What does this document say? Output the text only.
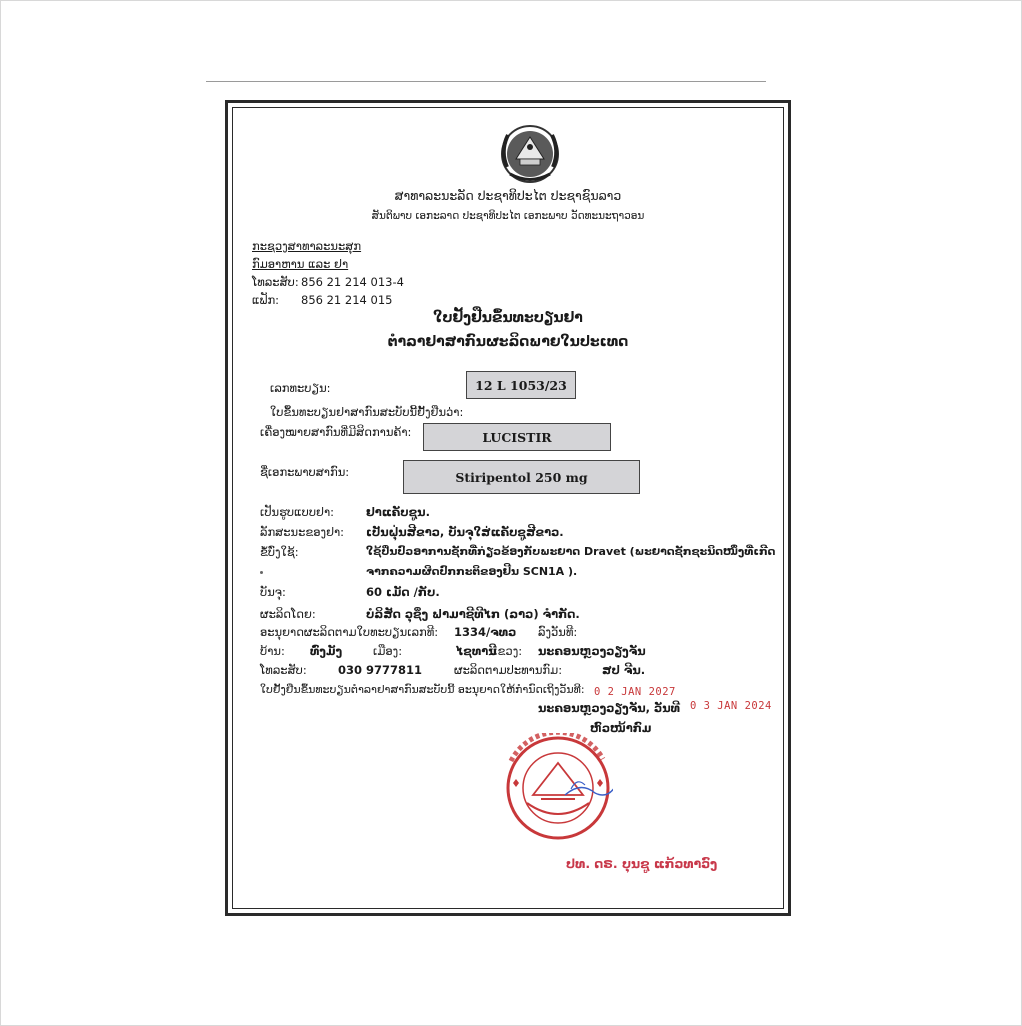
ສາທາລະນະລັດ ປະຊາທິປະໄຕ ປະຊາຊົນລາວ
ສັນຕິພາບ ເອກະລາດ ປະຊາທິປະໄຕ ເອກະພາບ ວັດທະນະຖາວອນ
ກະຊວງສາທາລະນະສຸກ
ກົມອາຫານ ແລະ ຢາ
ໂທລະສັບ: 856 21 214 013-4
ແຟັກ: 856 21 214 015
ໃບຢັ້ງຢືນຂຶ້ນທະບຽນຢາ
ຕຳລາຢາສາກົນຜະລິດພາຍໃນປະເທດ
ເລກທະບຽນ:	12 L 1053/23
ໃບຂຶ້ນທະບຽນຢາສາກົນສະບັບນີ້ຢັ້ງຢືນວ່າ:
ເຄື່ອງໝາຍສາກົນທີ່ມີສິດການຄ້າ:	LUCISTIR
ຊື່ເອກະພາບສາກົນ:	Stiripentol 250 mg
ເປັນຮູບແບບຢາ:	ຢາແຄັບຊູນ.
ລັກສະນະຂອງຢາ: ເປັນຝຸ່ນສີຂາວ, ບັນຈຸໃສ່ແຄັບຊູສີຂາວ.
ຂໍ້ບົ່ງໃຊ້:	ໃຊ້ປິ່ນປົວອາການຊັກທີ່ກ່ຽວຂ້ອງກັບພະຍາດ Dravet (ພະຍາດຊັກຊະນິດໜຶ່ງທີ່ເກີດ
ຈາກຄວາມຜິດປົກກະຕິຂອງຢີນ SCN1A ).
ບັນຈຸ:	60 ເມັດ /ກັບ.
ຜະລິດໂດຍ:	ບໍລິສັດ ວຸຊຶ່ງ ຟາມາຊີທີໄກ (ລາວ) ຈຳກັດ.
ອະນຸຍາດຜະລິດຕາມໃບທະບຽນເລກທີ: 1334/ຈທວ ລົງວັນທີ:
ບ້ານ: ທົ່ງມັງ	ເມືອງ:	ໄຊທານີ
ແຂວງ: ນະຄອນຫຼວງວຽງຈັນ
ໂທລະສັບ:	030 9777811	ຜະລິດຕາມປະທານກົມ:	ສປ ຈີນ.
ໃບຢັ້ງຢືນຂຶ້ນທະບຽນຕຳລາຢາສາກົນສະບັບນີ້ ອະນຸຍາດໃຫ້ກຳນົດເຖິງວັນທີ: 0 2 JAN 2027
ນະຄອນຫຼວງວຽງຈັນ, ວັນທີ 0 3 JAN 2024
ຫົວໜ້າກົມ
ປທ. ດຣ. ບຸນຊູ ແກ້ວທາວົງ
